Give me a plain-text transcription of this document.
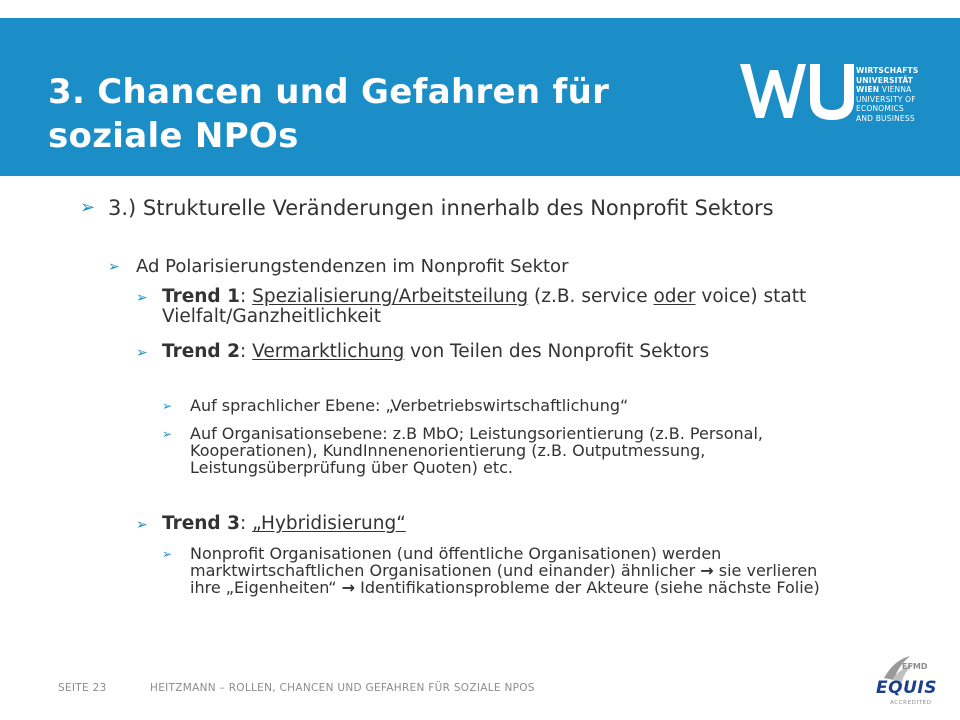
3. Chancen und Gefahren für soziale NPOs
WIRTSCHAFTS
UNIVERSITÄT
WIEN VIENNA
UNIVERSITY OF
ECONOMICS
AND BUSINESS
➢ 3.) Strukturelle Veränderungen innerhalb des Nonprofit Sektors
➢ Ad Polarisierungstendenzen im Nonprofit Sektor
➢ Trend 1: Spezialisierung/Arbeitsteilung (z.B. service oder voice) statt Vielfalt/Ganzheitlichkeit
➢ Trend 2: Vermarktlichung von Teilen des Nonprofit Sektors
➢	Auf sprachlicher Ebene: „Verbetriebswirtschaftlichung“
➢	Auf Organisationsebene: z.B MbO; Leistungsorientierung (z.B. Personal, Kooperationen), KundInnenenorientierung (z.B. Outputmessung, Leistungsüberprüfung über Quoten) etc.
➢ Trend 3: „Hybridisierung“
➢	Nonprofit Organisationen (und öffentliche Organisationen) werden marktwirtschaftlichen Organisationen (und einander) ähnlicher → sie verlieren ihre „Eigenheiten“ → Identifikationsprobleme der Akteure (siehe nächste Folie)
SEITE 23	HEITZMANN – ROLLEN, CHANCEN UND GEFAHREN FÜR SOZIALE NPOS
EFMD
EQUIS
ACCREDITED
